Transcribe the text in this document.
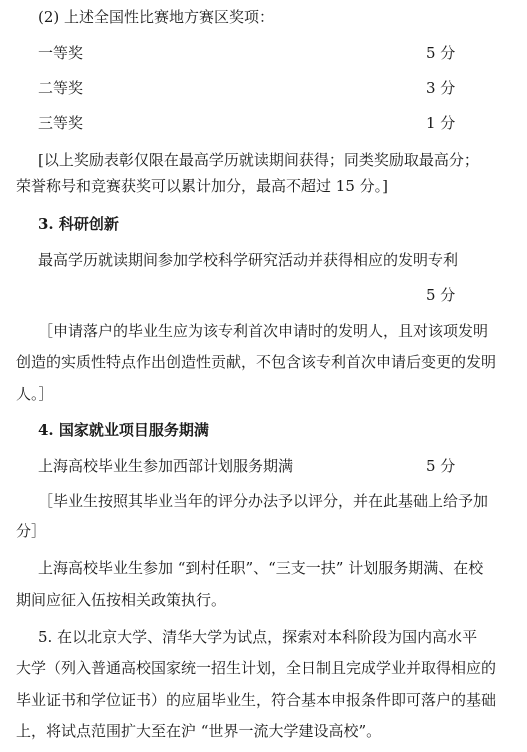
(2) 上述全国性比赛地方赛区奖项：
一等奖	5 分
二等奖	3 分
三等奖	1 分
[以上奖励表彰仅限在最高学历就读期间获得；同类奖励取最高分；
荣誉称号和竞赛获奖可以累计加分，最高不超过 15 分。]
3. 科研创新
最高学历就读期间参加学校科学研究活动并获得相应的发明专利
5 分
［申请落户的毕业生应为该专利首次申请时的发明人，且对该项发明
创造的实质性特点作出创造性贡献，不包含该专利首次申请后变更的发明
人。］
4. 国家就业项目服务期满
上海高校毕业生参加西部计划服务期满	5 分
［毕业生按照其毕业当年的评分办法予以评分，并在此基础上给予加
分］
上海高校毕业生参加 “到村任职”、“三支一扶” 计划服务期满、在校
期间应征入伍按相关政策执行。
5. 在以北京大学、清华大学为试点，探索对本科阶段为国内高水平
大学（列入普通高校国家统一招生计划，全日制且完成学业并取得相应的
毕业证书和学位证书）的应届毕业生，符合基本申报条件即可落户的基础
上，将试点范围扩大至在沪 “世界一流大学建设高校”。
